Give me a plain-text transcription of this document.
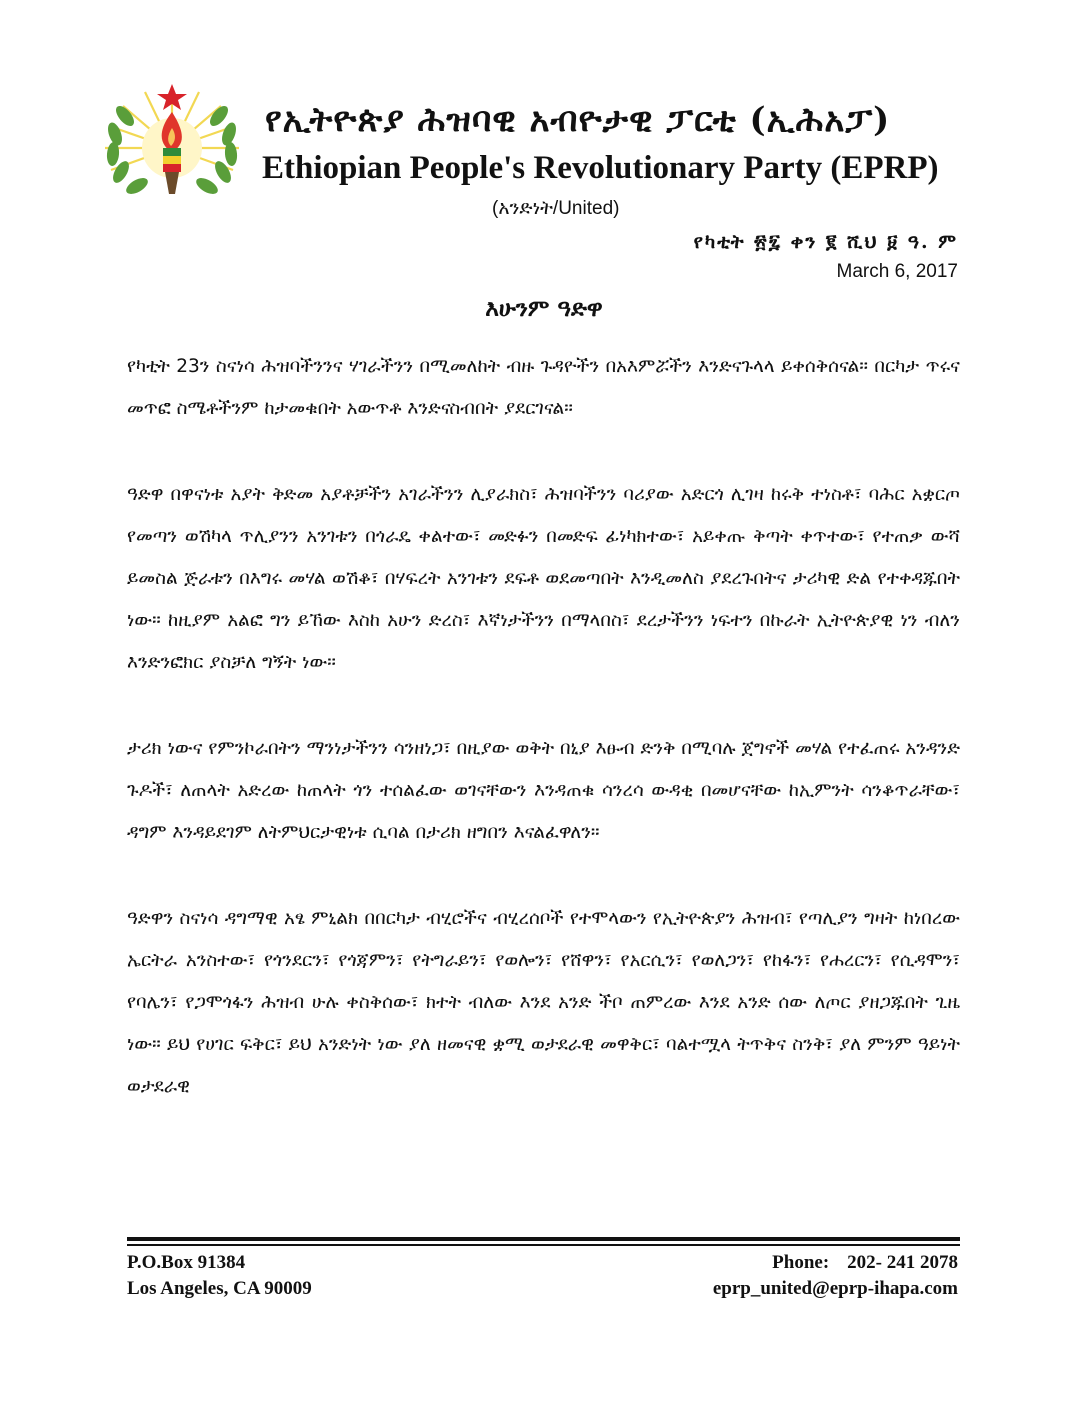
የኢትዮጵያ ሕዝባዊ አብዮታዊ ፓርቲ (ኢሕአፓ)
Ethiopian People's Revolutionary Party (EPRP)
(አንድነት/United)
የካቲት ፳፯ ቀን ፪ ሺህ ፱ ዓ. ም
March 6, 2017
እሁንም ዓድዋ

የካቲት 23ን ስናነሳ ሕዝባችንንና ሃገራችንን በሚመለከት ብዙ ጉዳዮችን በአእምሯችን እንድናጉላላ ይቀሰቅሰናል። በርካታ ጥሩና መጥፎ ስሜቶችንም ከታመቁበት አውጥቶ እንድናስብበት ያደርገናል።

ዓድዋ በዋናነቱ አያት ቅድመ አያቶቻችን አገራችንን ሊያራክስ፣ ሕዝባችንን ባሪያው አድርጎ ሊገዛ ከሩቅ ተነስቶ፣ ባሕር አቋርጦ የመጣን ወሽካላ ጥሊያንን አንገቱን በጎራዴ ቀልተው፣ መድፉን በመድፍ ፊነካክተው፣ አይቀጡ ቅጣት ቀጥተው፣ የተጠቃ ውሻ ይመስል ጅራቱን በእግሩ መሃል ወሽቆ፣ በሃፍረት አንገቱን ደፍቶ ወደመጣበት እንዲመለስ ያደረጉበትና ታሪካዊ ድል የተቀዳጁበት ነው። ከዚያም አልፎ ግን ይኸው እስከ አሁን ድረስ፣ እኛነታችንን በማላበስ፣ ደረታችንን ነፍተን በኩራት ኢትዮጵያዊ ነን ብለን እንድንፎክር ያስቻለ ግኝት ነው።

ታሪክ ነውና የምንኮራበትን ማንነታችንን ሳንዘነጋ፣ በዚያው ወቅት በኒያ እፁብ ድንቅ በሚባሉ ጀግኖች መሃል የተፈጠሩ አንዳንድ ጉዶች፣ ለጠላት አድረው ከጠላት ጎን ተሰልፈው ወገናቸውን እንዳጠቁ ሳንረሳ ውዳቂ በመሆናቸው ከኢምንት ሳንቆጥራቸው፣ ዳግም እንዳይደገም ለትምህርታዊነቱ ሲባል በታሪክ ዘግበን እናልፈዋለን።

ዓድዋን ስናነሳ ዳግማዊ አፄ ምኒልክ በበርካታ ብሂሮችና ብሂረሰቦች የተሞላውን የኢትዮጵያን ሕዝብ፣ የጣሊያን ግዛት ከነበረው ኤርትራ አንስተው፣ የጎንደርን፣ የጎጃምን፣ የትግራይን፣ የወሎን፣ የሸዋን፣ የአርሲን፣ የወለጋን፣ የከፋን፣ የሐረርን፣ የሲዳሞን፣ የባሌን፣ የጋሞጎፋን ሕዝብ ሁሉ ቀስቅሰው፣ ክተት ብለው እንደ አንድ ችቦ ጠምረው እንደ አንድ ሰው ለጦር ያዘጋጁበት ጊዜ ነው። ይህ የሀገር ፍቅር፣ ይህ አንድነት ነው ያለ ዘመናዊ ቋሚ ወታደራዊ መዋቅር፣ ባልተሟላ ትጥቅና ስንቅ፣ ያለ ምንም ዓይነት ወታደራዊ

P.O.Box 91384
Los Angeles, CA 90009
Phone: 202- 241 2078
eprp_united@eprp-ihapa.com
